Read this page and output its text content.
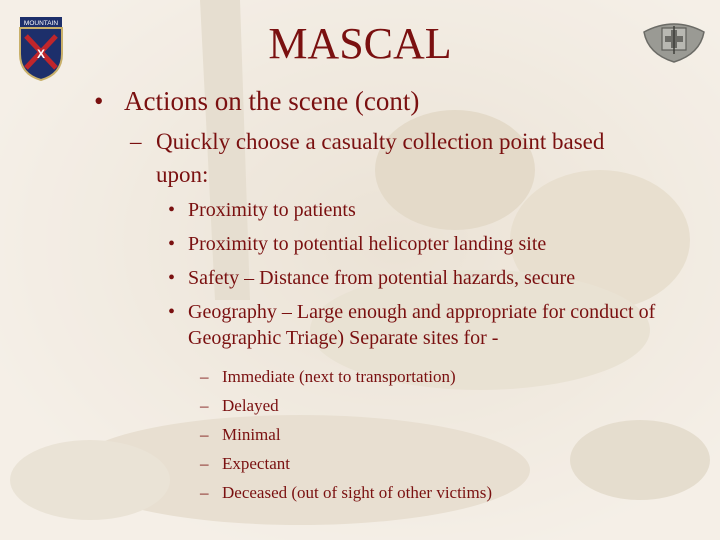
MOUNTAIN
X	MASCAL
• Actions on the scene (cont)
– Quickly choose a casualty collection point based upon:
• Proximity to patients
• Proximity to potential helicopter landing site
• Safety – Distance from potential hazards, secure
• Geography – Large enough and appropriate for conduct of Geographic Triage) Separate sites for -
– Immediate (next to transportation)
– Delayed
– Minimal
– Expectant
– Deceased (out of sight of other victims)
